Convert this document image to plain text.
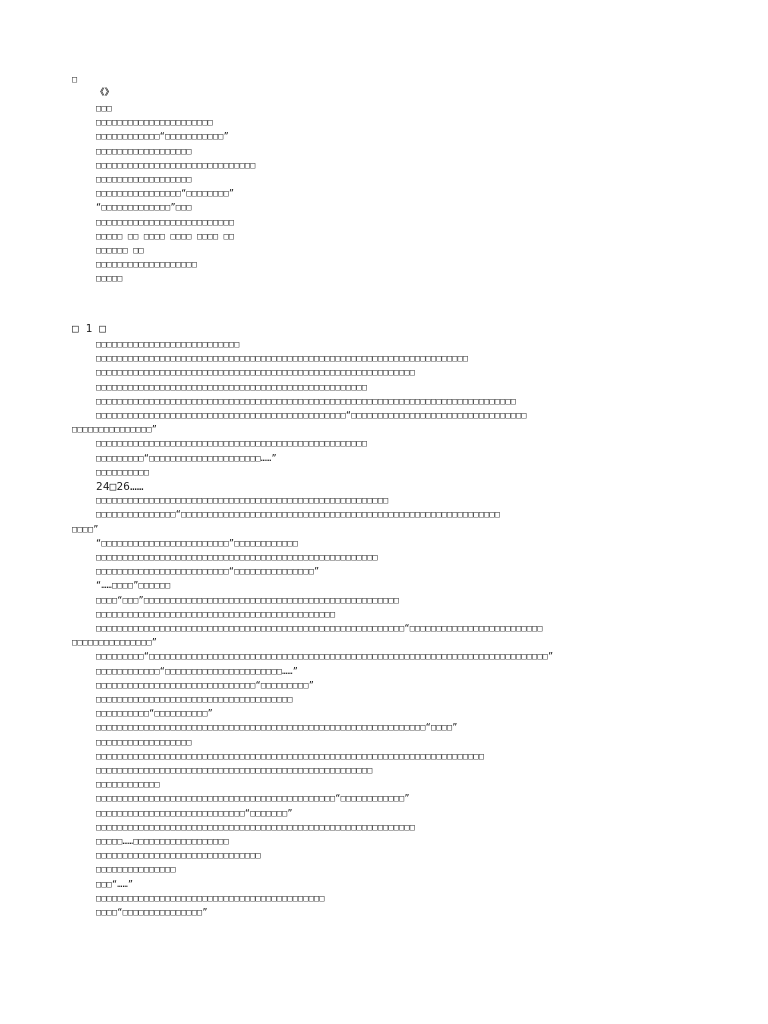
□
《》
□□□
□□□□□□□□□□□□□□□□□□□□□□
□□□□□□□□□□□□“□□□□□□□□□□□”
□□□□□□□□□□□□□□□□□□
□□□□□□□□□□□□□□□□□□□□□□□□□□□□□□
□□□□□□□□□□□□□□□□□□
□□□□□□□□□□□□□□□□“□□□□□□□□”
“□□□□□□□□□□□□□”□□□
□□□□□□□□□□□□□□□□□□□□□□□□□□
□□□□□ □□ □□□□ □□□□ □□□□ □□
□□□□□□ □□
□□□□□□□□□□□□□□□□□□□
□□□□□
□ 1 □
□□□□□□□□□□□□□□□□□□□□□□□□□□□
□□□□□□□□□□□□□□□□□□□□□□□□□□□□□□□□□□□□□□□□□□□□□□□□□□□□□□□□□□□□□□□□□□□□□□
□□□□□□□□□□□□□□□□□□□□□□□□□□□□□□□□□□□□□□□□□□□□□□□□□□□□□□□□□□□□
□□□□□□□□□□□□□□□□□□□□□□□□□□□□□□□□□□□□□□□□□□□□□□□□□□□
□□□□□□□□□□□□□□□□□□□□□□□□□□□□□□□□□□□□□□□□□□□□□□□□□□□□□□□□□□□□□□□□□□□□□□□□□□□□□□□
□□□□□□□□□□□□□□□□□□□□□□□□□□□□□□□□□□□□□□□□□□□□□□□“□□□□□□□□□□□□□□□□□□□□□□□□□□□□□□□□□
□□□□□□□□□□□□□□□”
□□□□□□□□□□□□□□□□□□□□□□□□□□□□□□□□□□□□□□□□□□□□□□□□□□□
□□□□□□□□□“□□□□□□□□□□□□□□□□□□□□□……”
□□□□□□□□□□
24□26……
□□□□□□□□□□□□□□□□□□□□□□□□□□□□□□□□□□□□□□□□□□□□□□□□□□□□□□□
□□□□□□□□□□□□□□□“□□□□□□□□□□□□□□□□□□□□□□□□□□□□□□□□□□□□□□□□□□□□□□□□□□□□□□□□□□□□
□□□□”
“□□□□□□□□□□□□□□□□□□□□□□□□”□□□□□□□□□□□□
□□□□□□□□□□□□□□□□□□□□□□□□□□□□□□□□□□□□□□□□□□□□□□□□□□□□□
□□□□□□□□□□□□□□□□□□□□□□□□□“□□□□□□□□□□□□□□□”
“……□□□□”□□□□□□
□□□□“□□□”□□□□□□□□□□□□□□□□□□□□□□□□□□□□□□□□□□□□□□□□□□□□□□□□
□□□□□□□□□□□□□□□□□□□□□□□□□□□□□□□□□□□□□□□□□□□□□
□□□□□□□□□□□□□□□□□□□□□□□□□□□□□□□□□□□□□□□□□□□□□□□□□□□□□□□□□□“□□□□□□□□□□□□□□□□□□□□□□□□□
□□□□□□□□□□□□□□□”
□□□□□□□□□“□□□□□□□□□□□□□□□□□□□□□□□□□□□□□□□□□□□□□□□□□□□□□□□□□□□□□□□□□□□□□□□□□□□□□□□□□□□”
□□□□□□□□□□□□“□□□□□□□□□□□□□□□□□□□□□□……”
□□□□□□□□□□□□□□□□□□□□□□□□□□□□□□“□□□□□□□□□”
□□□□□□□□□□□□□□□□□□□□□□□□□□□□□□□□□□□□□
□□□□□□□□□□“□□□□□□□□□□”
□□□□□□□□□□□□□□□□□□□□□□□□□□□□□□□□□□□□□□□□□□□□□□□□□□□□□□□□□□□□□□“□□□□”
□□□□□□□□□□□□□□□□□□
□□□□□□□□□□□□□□□□□□□□□□□□□□□□□□□□□□□□□□□□□□□□□□□□□□□□□□□□□□□□□□□□□□□□□□□□□
□□□□□□□□□□□□□□□□□□□□□□□□□□□□□□□□□□□□□□□□□□□□□□□□□□□□
□□□□□□□□□□□□
□□□□□□□□□□□□□□□□□□□□□□□□□□□□□□□□□□□□□□□□□□□□□“□□□□□□□□□□□□”
□□□□□□□□□□□□□□□□□□□□□□□□□□□□“□□□□□□□”
□□□□□□□□□□□□□□□□□□□□□□□□□□□□□□□□□□□□□□□□□□□□□□□□□□□□□□□□□□□□
□□□□□……□□□□□□□□□□□□□□□□□□
□□□□□□□□□□□□□□□□□□□□□□□□□□□□□□□
□□□□□□□□□□□□□□□
□□□“……”
□□□□□□□□□□□□□□□□□□□□□□□□□□□□□□□□□□□□□□□□□□□
□□□□“□□□□□□□□□□□□□□□”
